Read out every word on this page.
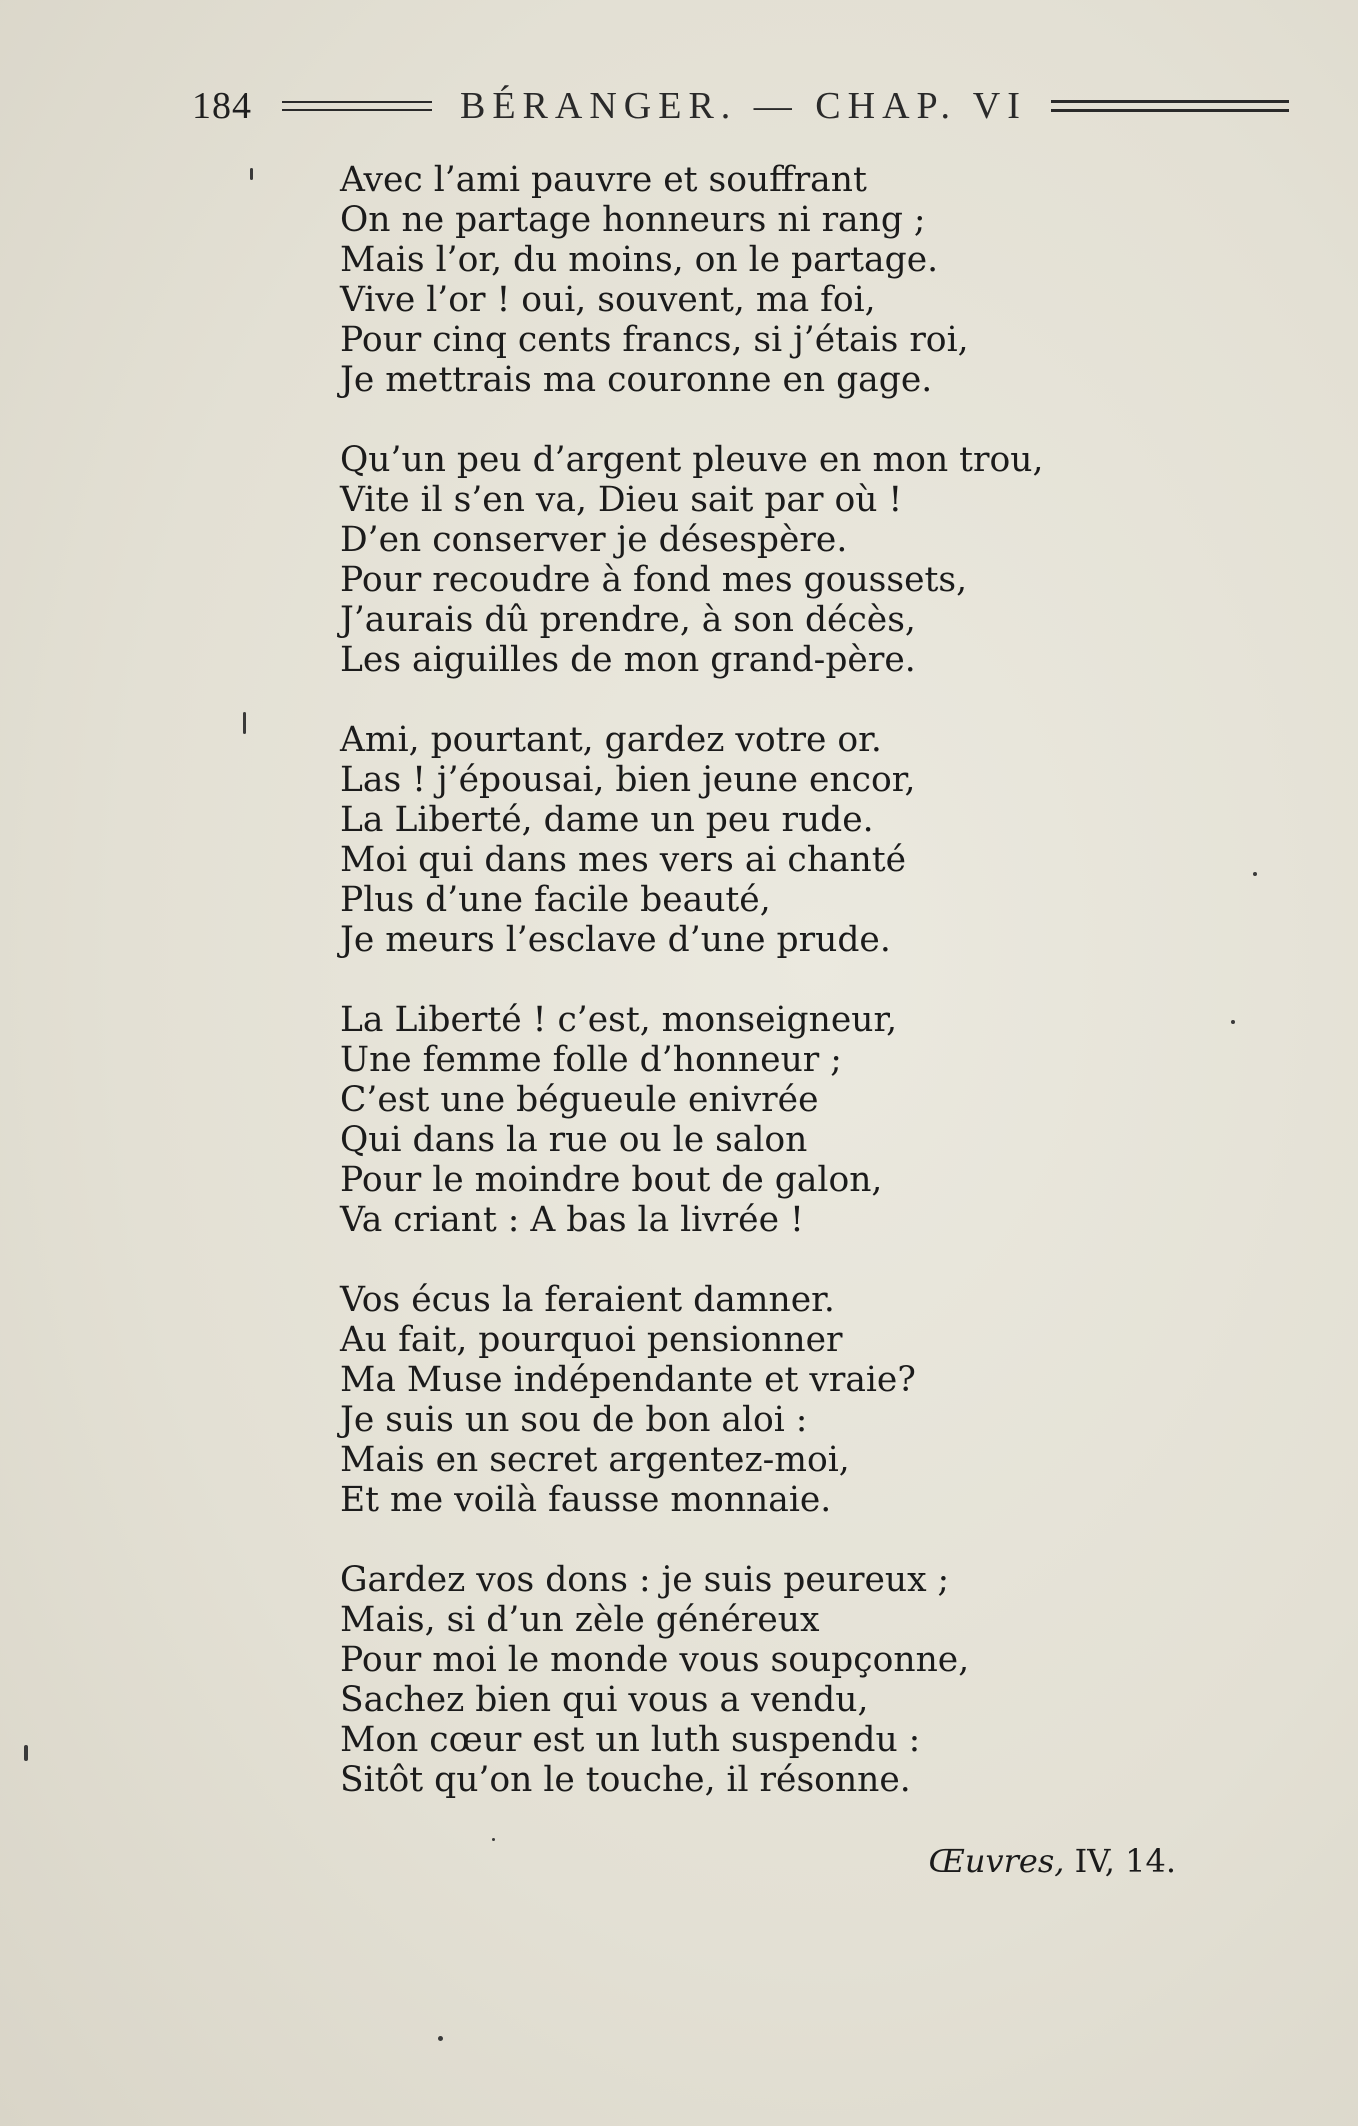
184	BÉRANGER. — CHAP. VI
Avec l’ami pauvre et souffrant
On ne partage honneurs ni rang ;
Mais l’or, du moins, on le partage.
Vive l’or ! oui, souvent, ma foi,
Pour cinq cents francs, si j’étais roi,
Je mettrais ma couronne en gage.
Qu’un peu d’argent pleuve en mon trou,
Vite il s’en va, Dieu sait par où !
D’en conserver je désespère.
Pour recoudre à fond mes goussets,
J’aurais dû prendre, à son décès,
Les aiguilles de mon grand-père.
Ami, pourtant, gardez votre or.
Las ! j’épousai, bien jeune encor,
La Liberté, dame un peu rude.
Moi qui dans mes vers ai chanté
Plus d’une facile beauté,
Je meurs l’esclave d’une prude.
La Liberté ! c’est, monseigneur,
Une femme folle d’honneur ;
C’est une bégueule enivrée
Qui dans la rue ou le salon
Pour le moindre bout de galon,
Va criant : A bas la livrée !
Vos écus la feraient damner.
Au fait, pourquoi pensionner
Ma Muse indépendante et vraie?
Je suis un sou de bon aloi :
Mais en secret argentez-moi,
Et me voilà fausse monnaie.
Gardez vos dons : je suis peureux ;
Mais, si d’un zèle généreux
Pour moi le monde vous soupçonne,
Sachez bien qui vous a vendu,
Mon cœur est un luth suspendu :
Sitôt qu’on le touche, il résonne.
Œuvres, IV, 14.
